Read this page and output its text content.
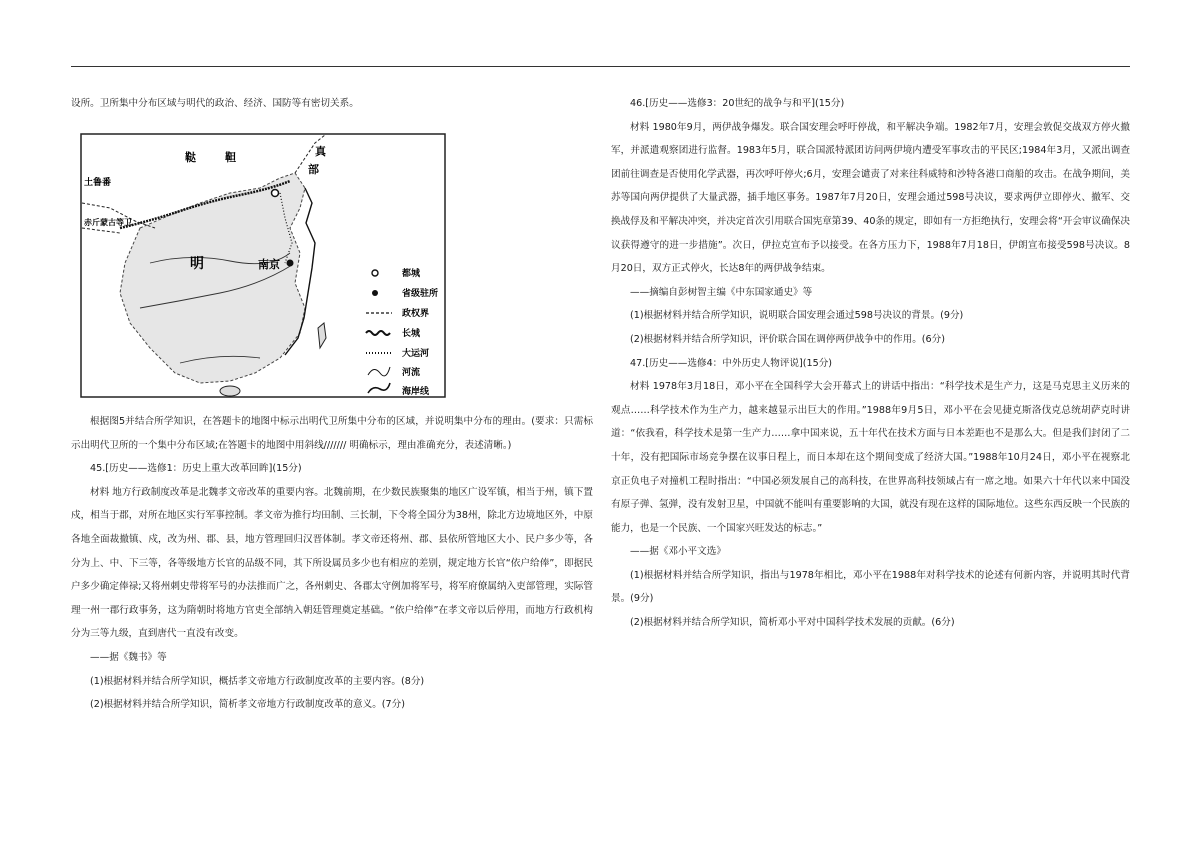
设所。卫所集中分布区域与明代的政治、经济、国防等有密切关系。

鞑	靼
土鲁番
赤斤蒙古等卫
明	南京
真
部
都城
省级驻所
政权界
长城
大运河
河流
海岸线

根据图5并结合所学知识，在答题卡的地图中标示出明代卫所集中分布的区域，并说明集中分布的理由。(要求：只需标示出明代卫所的一个集中分布区域;在答题卡的地图中用斜线/////// 明确标示，理由准确充分，表述清晰。)

45.[历史——选修1：历史上重大改革回眸](15分)

材料 地方行政制度改革是北魏孝文帝改革的重要内容。北魏前期，在少数民族聚集的地区广设军镇，相当于州，镇下置戍，相当于郡，对所在地区实行军事控制。孝文帝为推行均田制、三长制，下令将全国分为38州，除北方边境地区外，中原各地全面裁撤镇、戍，改为州、郡、县，地方管理回归汉晋体制。孝文帝还将州、郡、县依所管地区大小、民户多少等，各分为上、中、下三等，各等级地方长官的品级不同，其下所设属员多少也有相应的差别，规定地方长官“依户给俸”，即据民户多少确定俸禄;又将州刺史带将军号的办法推而广之，各州刺史、各郡太守例加将军号，将军府僚属纳入吏部管理，实际管理一州一郡行政事务，这为隋朝时将地方官吏全部纳入朝廷管理奠定基础。“依户给俸”在孝文帝以后停用，而地方行政机构分为三等九级，直到唐代一直没有改变。

——据《魏书》等

(1)根据材料并结合所学知识，概括孝文帝地方行政制度改革的主要内容。(8分)

(2)根据材料并结合所学知识，简析孝文帝地方行政制度改革的意义。(7分)

46.[历史——选修3：20世纪的战争与和平](15分)

材料 1980年9月，两伊战争爆发。联合国安理会呼吁停战，和平解决争端。1982年7月，安理会敦促交战双方停火撤军，并派遣观察团进行监督。1983年5月，联合国派特派团访问两伊境内遭受军事攻击的平民区;1984年3月，又派出调查团前往调查是否使用化学武器，再次呼吁停火;6月，安理会谴责了对来往科威特和沙特各港口商船的攻击。在战争期间，美苏等国向两伊提供了大量武器，插手地区事务。1987年7月20日，安理会通过598号决议，要求两伊立即停火、撤军、交换战俘及和平解决冲突，并决定首次引用联合国宪章第39、40条的规定，即如有一方拒绝执行，安理会将“开会审议确保决议获得遵守的进一步措施”。次日，伊拉克宣布予以接受。在各方压力下，1988年7月18日，伊朗宣布接受598号决议。8月20日，双方正式停火，长达8年的两伊战争结束。

——摘编自彭树智主编《中东国家通史》等

(1)根据材料并结合所学知识，说明联合国安理会通过598号决议的背景。(9分)

(2)根据材料并结合所学知识，评价联合国在调停两伊战争中的作用。(6分)

47.[历史——选修4：中外历史人物评说](15分)

材料 1978年3月18日，邓小平在全国科学大会开幕式上的讲话中指出：“科学技术是生产力，这是马克思主义历来的观点……科学技术作为生产力，越来越显示出巨大的作用。”1988年9月5日，邓小平在会见捷克斯洛伐克总统胡萨克时讲道：“依我看，科学技术是第一生产力……拿中国来说，五十年代在技术方面与日本差距也不是那么大。但是我们封闭了二十年，没有把国际市场竞争摆在议事日程上，而日本却在这个期间变成了经济大国。”1988年10月24日，邓小平在视察北京正负电子对撞机工程时指出：“中国必须发展自己的高科技，在世界高科技领域占有一席之地。如果六十年代以来中国没有原子弹、氢弹，没有发射卫星，中国就不能叫有重要影响的大国，就没有现在这样的国际地位。这些东西反映一个民族的能力，也是一个民族、一个国家兴旺发达的标志。”

——据《邓小平文选》

(1)根据材料并结合所学知识，指出与1978年相比，邓小平在1988年对科学技术的论述有何新内容，并说明其时代背景。(9分)

(2)根据材料并结合所学知识，简析邓小平对中国科学技术发展的贡献。(6分)
